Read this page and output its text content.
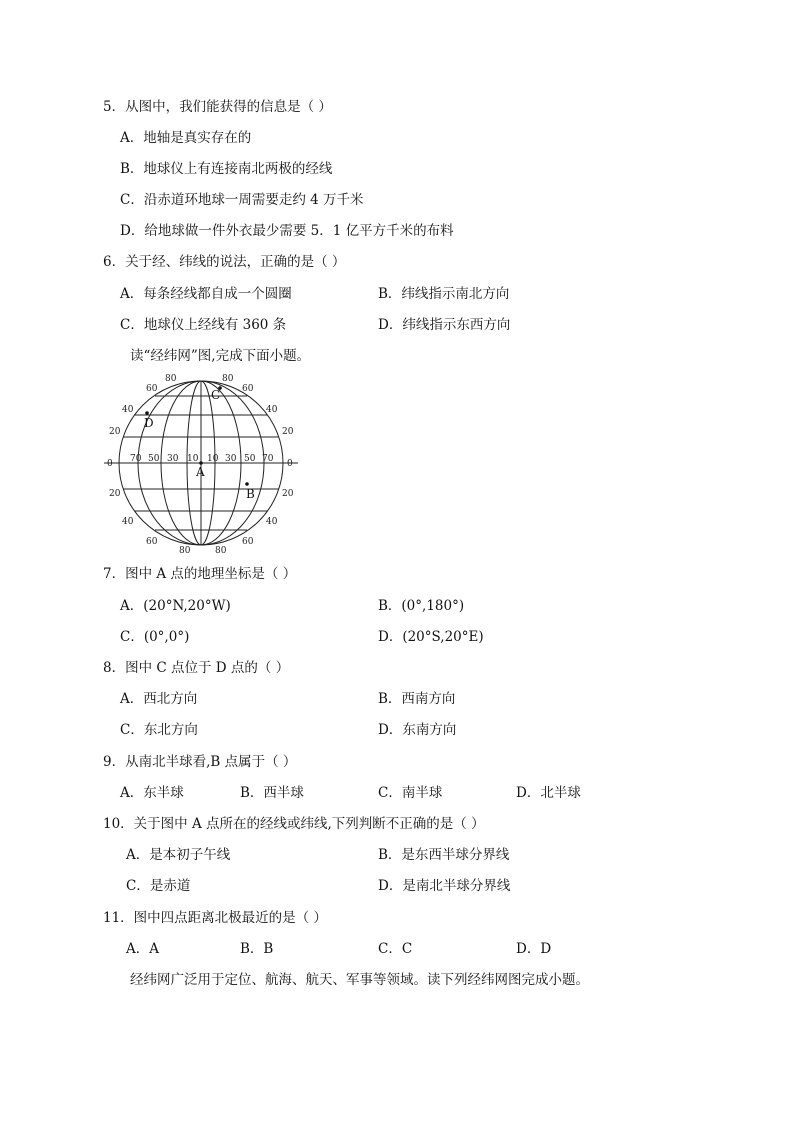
5．从图中，我们能获得的信息是（ ）
A．地轴是真实存在的
B．地球仪上有连接南北两极的经线
C．沿赤道环地球一周需要走约 4 万千米
D．给地球做一件外衣最少需要 5．1 亿平方千米的布料
6．关于经、纬线的说法，正确的是（ ）
A．每条经线都自成一个圆圈	B．纬线指示南北方向
C．地球仪上经线有 360 条	D．纬线指示东西方向
读“经纬网”图,完成下面小题。
80
60
40
20
0
20
40
60
80
80
60
40
20
0
20
40
60
80
70 50 30 10 10 30 50 70
A
B
C
D
7．图中 A 点的地理坐标是（ ）
A．(20°N,20°W)	B．(0°,180°)
C．(0°,0°)	D．(20°S,20°E)
8．图中 C 点位于 D 点的（ ）
A．西北方向	B．西南方向
C．东北方向	D．东南方向
9．从南北半球看,B 点属于（ ）
A．东半球	B．西半球	C．南半球	D．北半球
10．关于图中 A 点所在的经线或纬线,下列判断不正确的是（ ）
A．是本初子午线	B．是东西半球分界线
C．是赤道	D．是南北半球分界线
11．图中四点距离北极最近的是（ ）
A．A	B．B	C．C	D．D
经纬网广泛用于定位、航海、航天、军事等领域。读下列经纬网图完成小题。
